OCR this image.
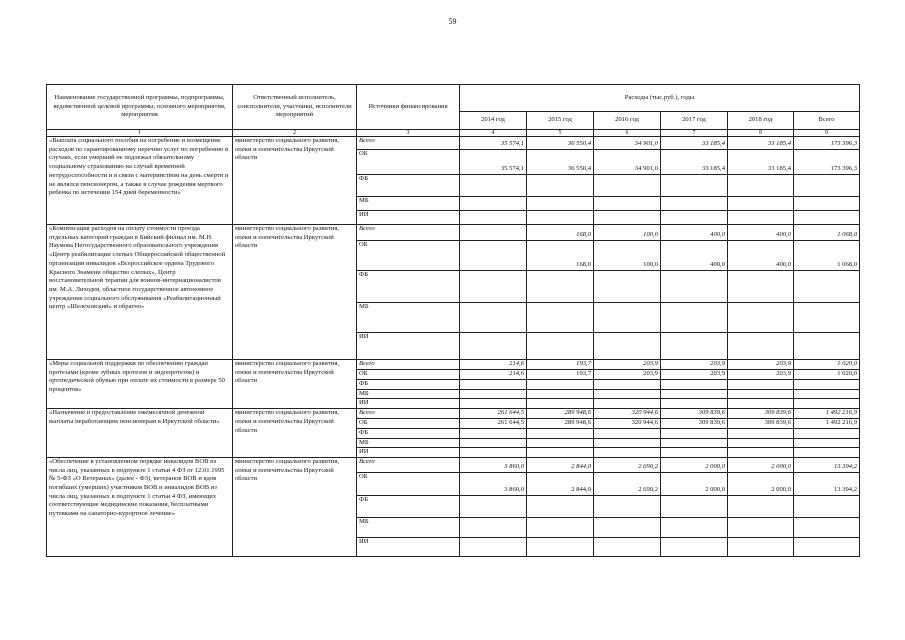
59
Наименование государственной программы, подпрограммы, ведомственной целевой программы, основного мероприятия, мероприятия	Ответственный исполнитель, соисполнители, участники, исполнители мероприятий	Источники финансирования	Расходы (тыс.руб.), годы					
			2014 год	2015 год	2016 год	2017 год	2018 год	Всего
1	2	3	4	5	6	7	8	9
«Выплата социального пособия на погребение и возмещение расходов по гарантированному перечню услуг по погребению в случаях, если умерший не подлежал обязательному социальному страхованию на случай временной нетрудоспособности и в связи с материнством на день смерти и не являлся пенсионером, а также в случае рождения мертвого ребенка по истечении 154 дней беременности»	министерство социального развития, опеки и попечительства Иркутской области	Всего	35 574,1	36 550,4	34 901,0	33 185,4	33 185,4	173 396,3
		ОБ	35 574,1	36 550,4	34 901,0	33 185,4	33 185,4	173 396,3
		ФБ						
		МБ						
		ИИ						
«Компенсация расходов на оплату стоимости проезда отдельных категорий граждан в Бийский филиал им. М.Н. Наумова Негосударственного образовательного учреждения «Центр реабилитации слепых Общероссийской общественной организации инвалидов «Всероссийское ордена Трудового Красного Знамени общество слепых», Центр восстановительной терапии для воинов-интернационалистов им. М.А. Лиходея, областное государственное автономное учреждение социального обслуживания «Реабилитационный центр «Шелеховский» и обратно»	министерство социального развития, опеки и попечительства Иркутской области	Всего		168,0	100,0	400,0	400,0	1 068,0
		ОБ		168,0	100,0	400,0	400,0	1 068,0
		ФБ						
		МБ						
		ИИ						
«Меры социальной поддержки по обеспечению граждан протезами (кроме зубных протезов и эндопротезов) и ортопедической обувью при оплате их стоимости в размере 50 процентов»	министерство социального развития, опеки и попечительства Иркутской области	Всего	214,6	193,7	203,9	203,9	203,9	1 020,0
		ОБ	214,6	193,7	203,9	203,9	203,9	1 020,0
		ФБ						
		МБ						
		ИИ						
«Назначение и предоставление ежемесячной денежной выплаты неработающим пенсионерам в Иркутской области»	министерство социального развития, опеки и попечительства Иркутской области	Всего	261 644,5	289 948,6	320 944,6	309 839,6	309 839,6	1 492 216,9
		ОБ	261 644,5	289 948,6	320 944,6	309 839,6	309 839,6	1 492 216,9
		ФБ						
		МБ						
		ИИ						
«Обеспечение в установленном порядке инвалидов ВОВ из числа лиц, указанных в подпункте 1 статьи 4 ФЗ от 12.01.1995 № 5-ФЗ «О Ветеранах» (далее - ФЗ), ветеранов ВОВ и вдов погибших (умерших) участников ВОВ и инвалидов ВОВ из числа лиц, указанных в подпункте 1 статьи 4 ФЗ, имеющих соответствующие медицинские показания, бесплатными путевками на санаторно-курортное лечение»	министерство социального развития, опеки и попечительства Иркутской области	Всего	3 860,0	2 844,0	2 690,2	2 000,0	2 000,0	13 394,2
		ОБ	3 860,0	2 844,0	2 690,2	2 000,0	2 000,0	13 394,2
		ФБ						
		МБ						
		ИИ						
